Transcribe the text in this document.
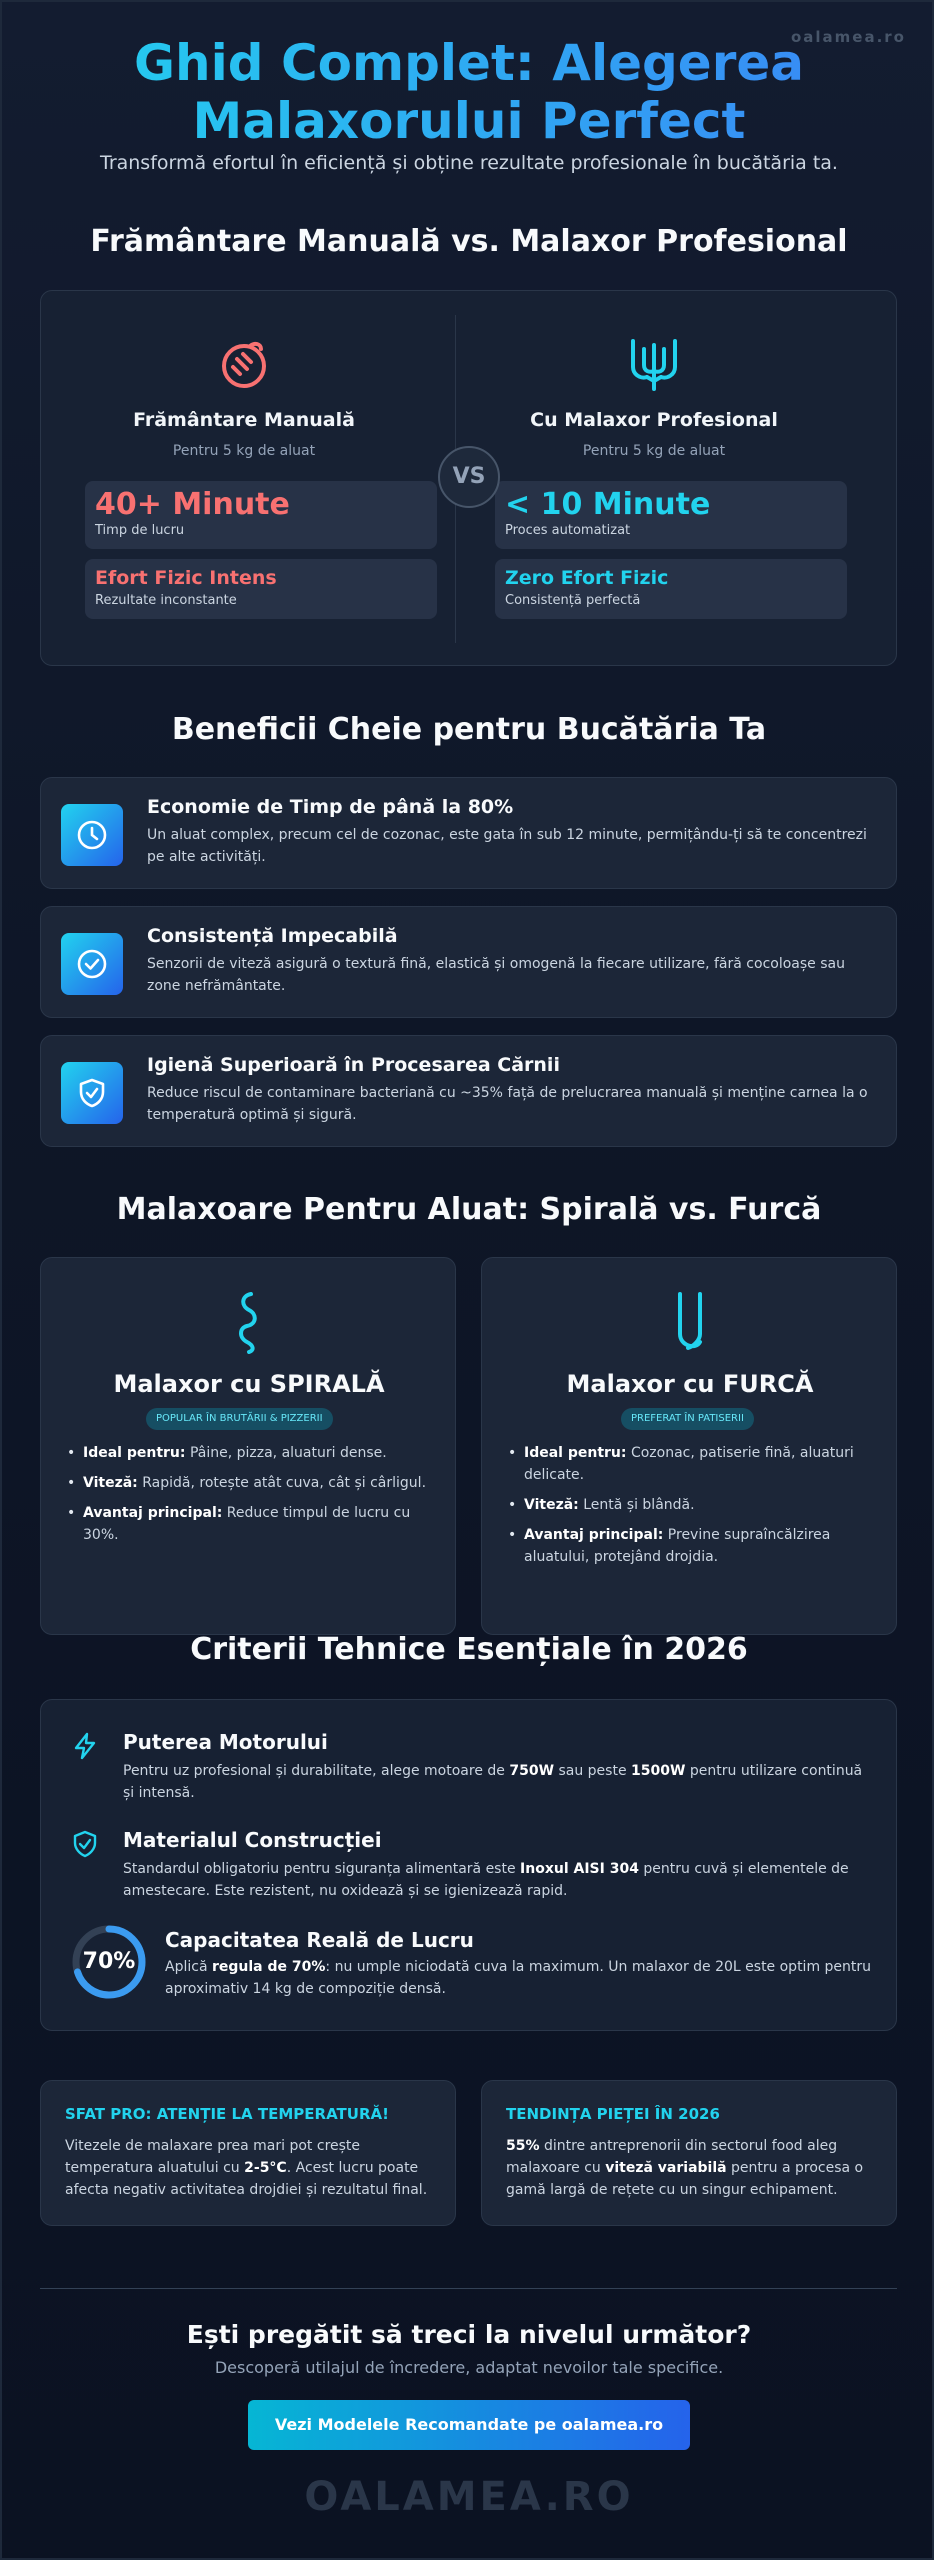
Ghid Complet: Alegerea
Malaxorului Perfect
Transformă efortul în eficiență și obține rezultate profesionale în bucătăria ta.
Frământare Manuală vs. Malaxor Profesional
Frământare Manuală
Pentru 5 kg de aluat
40+ Minute
Timp de lucru
Efort Fizic Intens
Rezultate inconstante
Cu Malaxor Profesional
Pentru 5 kg de aluat
< 10 Minute
Proces automatizat
Zero Efort Fizic
Consistență perfectă
VS
Beneficii Cheie pentru Bucătăria Ta
Economie de Timp de până la 80%
Un aluat complex, precum cel de cozonac, este gata în sub 12 minute, permițându-ți să te concentrezi pe alte activități.
Consistență Impecabilă
Senzorii de viteză asigură o textură fină, elastică și omogenă la fiecare utilizare, fără cocoloașe sau zone nefrământate.
Igienă Superioară în Procesarea Cărnii
Reduce riscul de contaminare bacteriană cu ~35% față de prelucrarea manuală și menține carnea la o temperatură optimă și sigură.
Malaxoare Pentru Aluat: Spirală vs. Furcă
Malaxor cu SPIRALĂ
POPULAR ÎN BRUTĂRII & PIZZERII
• Ideal pentru: Pâine, pizza, aluaturi dense.
• Viteză: Rapidă, rotește atât cuva, cât și cârligul.
• Avantaj principal: Reduce timpul de lucru cu 30%.
Malaxor cu FURCĂ
PREFERAT ÎN PATISERII
• Ideal pentru: Cozonac, patiserie fină, aluaturi delicate.
• Viteză: Lentă și blândă.
• Avantaj principal: Previne supraîncălzirea aluatului, protejând drojdia.
Criterii Tehnice Esențiale în 2026
Puterea Motorului
Pentru uz profesional și durabilitate, alege motoare de 750W sau peste 1500W pentru utilizare continuă și intensă.
Materialul Construcției
Standardul obligatoriu pentru siguranța alimentară este Inoxul AISI 304 pentru cuvă și elementele de amestecare. Este rezistent, nu oxidează și se igienizează rapid.
70%
Capacitatea Reală de Lucru
Aplică regula de 70%: nu umple niciodată cuva la maximum. Un malaxor de 20L este optim pentru aproximativ 14 kg de compoziție densă.
SFAT PRO: ATENȚIE LA TEMPERATURĂ!
Vitezele de malaxare prea mari pot crește temperatura aluatului cu 2-5°C. Acest lucru poate afecta negativ activitatea drojdiei și rezultatul final.
TENDINȚA PIEȚEI ÎN 2026
55% dintre antreprenorii din sectorul food aleg malaxoare cu viteză variabilă pentru a procesa o gamă largă de rețete cu un singur echipament.
Ești pregătit să treci la nivelul următor?
Descoperă utilajul de încredere, adaptat nevoilor tale specifice.
Vezi Modelele Recomandate pe oalamea.ro
OALAMEA.RO
